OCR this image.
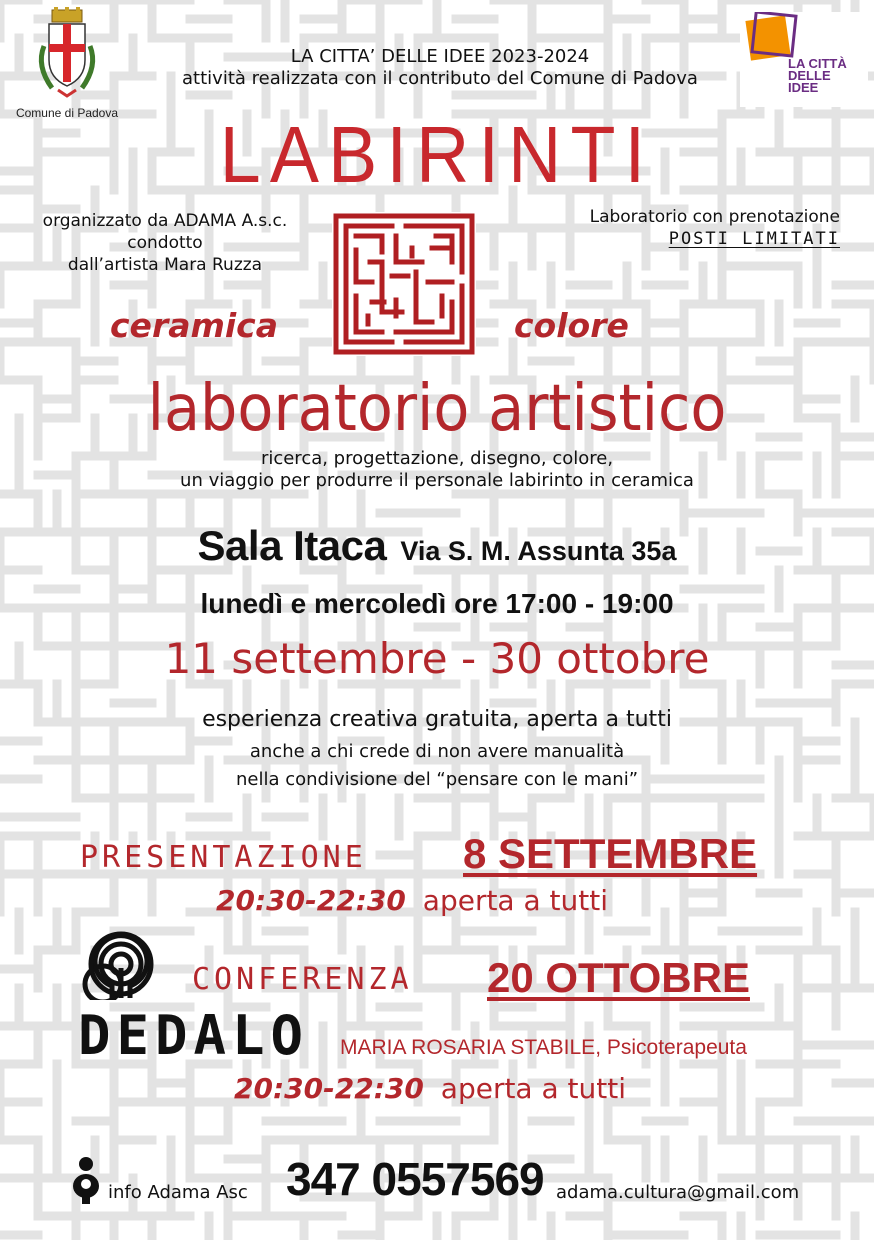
Comune di Padova
LA CITTA’ DELLE IDEE 2023-2024
attività realizzata con il contributo del Comune di Padova
LA CITTÀ
DELLE
IDEE
LABIRINTI
organizzato da ADAMA A.s.c.
condotto
dall’artista Mara Ruzza
Laboratorio con prenotazione
POSTI LIMITATI
ceramica	colore
laboratorio artistico
ricerca, progettazione, disegno, colore,
un viaggio per produrre il personale labirinto in ceramica
Sala Itaca Via S. M. Assunta 35a
lunedì e mercoledì ore 17:00 - 19:00
11 settembre - 30 ottobre
esperienza creativa gratuita, aperta a tutti
anche a chi crede di non avere manualità
nella condivisione del “pensare con le mani”
PRESENTAZIONE 8 SETTEMBRE
20:30-22:30 aperta a tutti
CONFERENZA 20 OTTOBRE
DEDALO MARIA ROSARIA STABILE, Psicoterapeuta
20:30-22:30 aperta a tutti
info Adama Asc 347 0557569 adama.cultura@gmail.com
